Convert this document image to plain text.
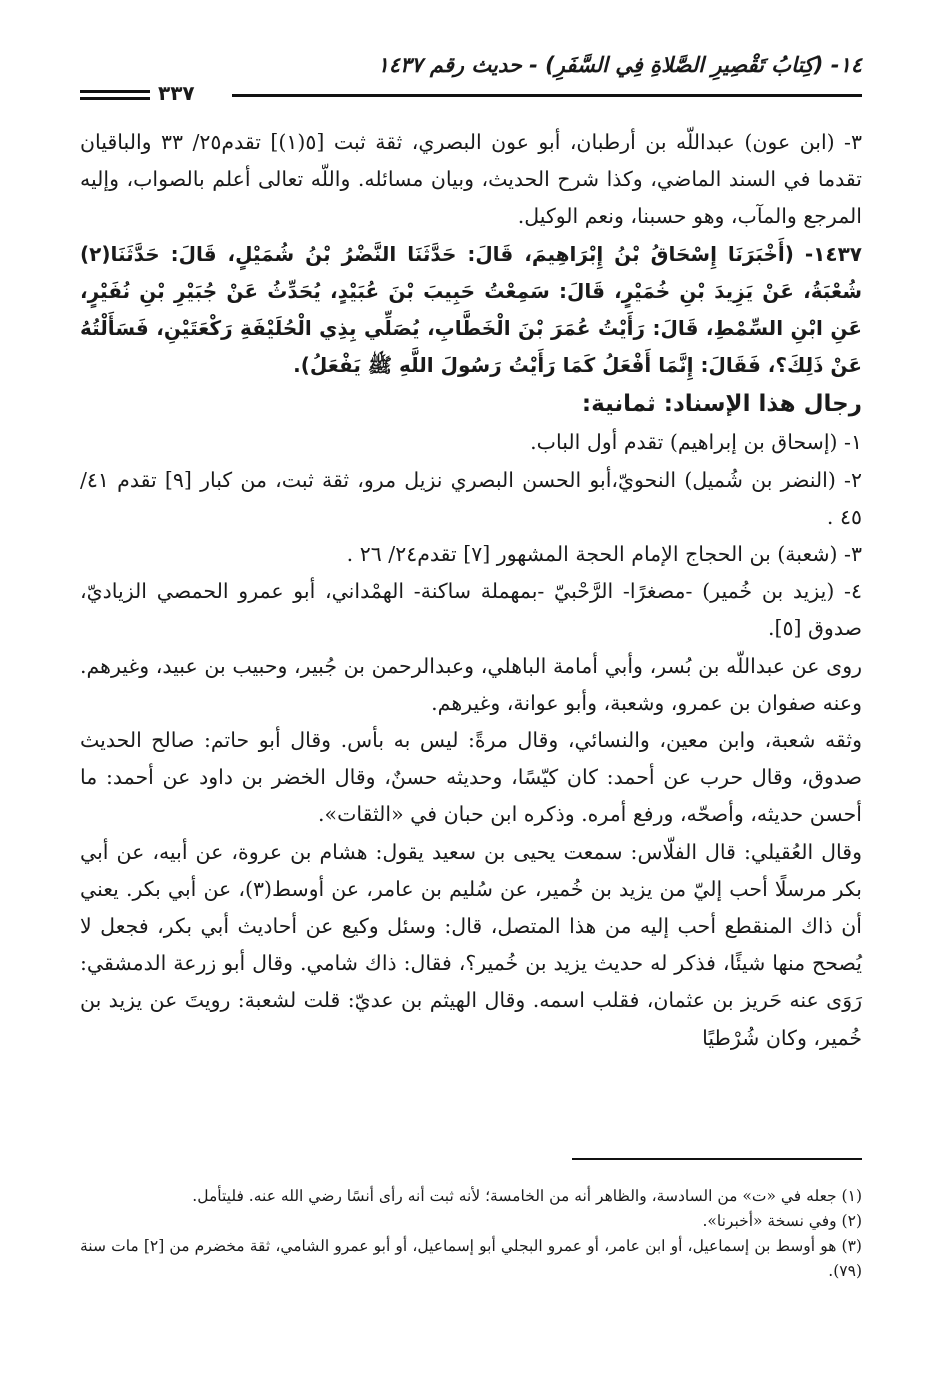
١٤- (كِتابُ تَقْصِيرِ الصَّلاةِ فِي السَّفَرِ) - حديث رقم ١٤٣٧
٣٣٧

٣- (ابن عون) عبداللّه بن أرطبان، أبو عون البصري، ثقة ثبت [٥(١)] تقدم٢٥/ ٣٣ والباقيان تقدما في السند الماضي، وكذا شرح الحديث، وبيان مسائله. واللّه تعالى أعلم بالصواب، وإليه المرجع والمآب، وهو حسبنا، ونعم الوكيل.

١٤٣٧- (أَخْبَرَنَا إِسْحَاقُ بْنُ إِبْرَاهِيمَ، قَالَ: حَدَّثَنَا النَّضْرُ بْنُ شُمَيْلٍ، قَالَ: حَدَّثَنَا(٢) شُعْبَةُ، عَنْ يَزِيدَ بْنِ خُمَيْرٍ، قَالَ: سَمِعْتُ حَبِيبَ بْنَ عُبَيْدٍ، يُحَدِّثُ عَنْ جُبَيْرِ بْنِ نُفَيْرٍ، عَنِ ابْنِ السِّمْطِ، قَالَ: رَأَيْتُ عُمَرَ بْنَ الْخَطَّابِ، يُصَلِّي بِذِي الْحُلَيْفَةِ رَكْعَتَيْنِ، فَسَأَلْتُهُ عَنْ ذَلِكَ؟، فَقَالَ: إِنَّمَا أَفْعَلُ كَمَا رَأَيْتُ رَسُولَ اللَّهِ ﷺ يَفْعَلُ).

رجال هذا الإسناد: ثمانية:

١- (إسحاق بن إبراهيم) تقدم أول الباب.

٢- (النضر بن شُميل) النحويّ،أبو الحسن البصري نزيل مرو، ثقة ثبت، من كبار [٩] تقدم ٤١/ ٤٥ .

٣- (شعبة) بن الحجاج الإمام الحجة المشهور [٧] تقدم٢٤/ ٢٦ .

٤- (يزيد بن خُمير) -مصغرًا- الرَّحْبيّ -بمهملة ساكنة- الهمْداني، أبو عمرو الحمصي الزياديّ، صدوق [٥].

روى عن عبداللّه بن بُسر، وأبي أمامة الباهلي، وعبدالرحمن بن جُبير، وحبيب بن عبيد، وغيرهم. وعنه صفوان بن عمرو، وشعبة، وأبو عوانة، وغيرهم.

وثقه شعبة، وابن معين، والنسائي، وقال مرةً: ليس به بأس. وقال أبو حاتم: صالح الحديث صدوق، وقال حرب عن أحمد: كان كيّسًا، وحديثه حسنٌ، وقال الخضر بن داود عن أحمد: ما أحسن حديثه، وأصحّه، ورفع أمره. وذكره ابن حبان في «الثقات».

وقال العُقيلي: قال الفلّاس: سمعت يحيى بن سعيد يقول: هشام بن عروة، عن أبيه، عن أبي بكر مرسلًا أحب إليّ من يزيد بن خُمير، عن سُليم بن عامر، عن أوسط(٣)، عن أبي بكر. يعني أن ذاك المنقطع أحب إليه من هذا المتصل، قال: وسئل وكيع عن أحاديث أبي بكر، فجعل لا يُصحح منها شيئًا، فذكر له حديث يزيد بن خُمير؟، فقال: ذاك شامي. وقال أبو زرعة الدمشقي: رَوَى عنه حَريز بن عثمان، فقلب اسمه. وقال الهيثم بن عديّ: قلت لشعبة: رويتَ عن يزيد بن خُمير، وكان شُرْطيًا

(١) جعله في «ت» من السادسة، والظاهر أنه من الخامسة؛ لأنه ثبت أنه رأى أنسًا رضي الله عنه. فليتأمل.

(٢) وفي نسخة «أخبرنا».

(٣) هو أوسط بن إسماعيل، أو ابن عامر، أو عمرو البجلي أبو إسماعيل، أو أبو عمرو الشامي، ثقة مخضرم من [٢] مات سنة (٧٩).
